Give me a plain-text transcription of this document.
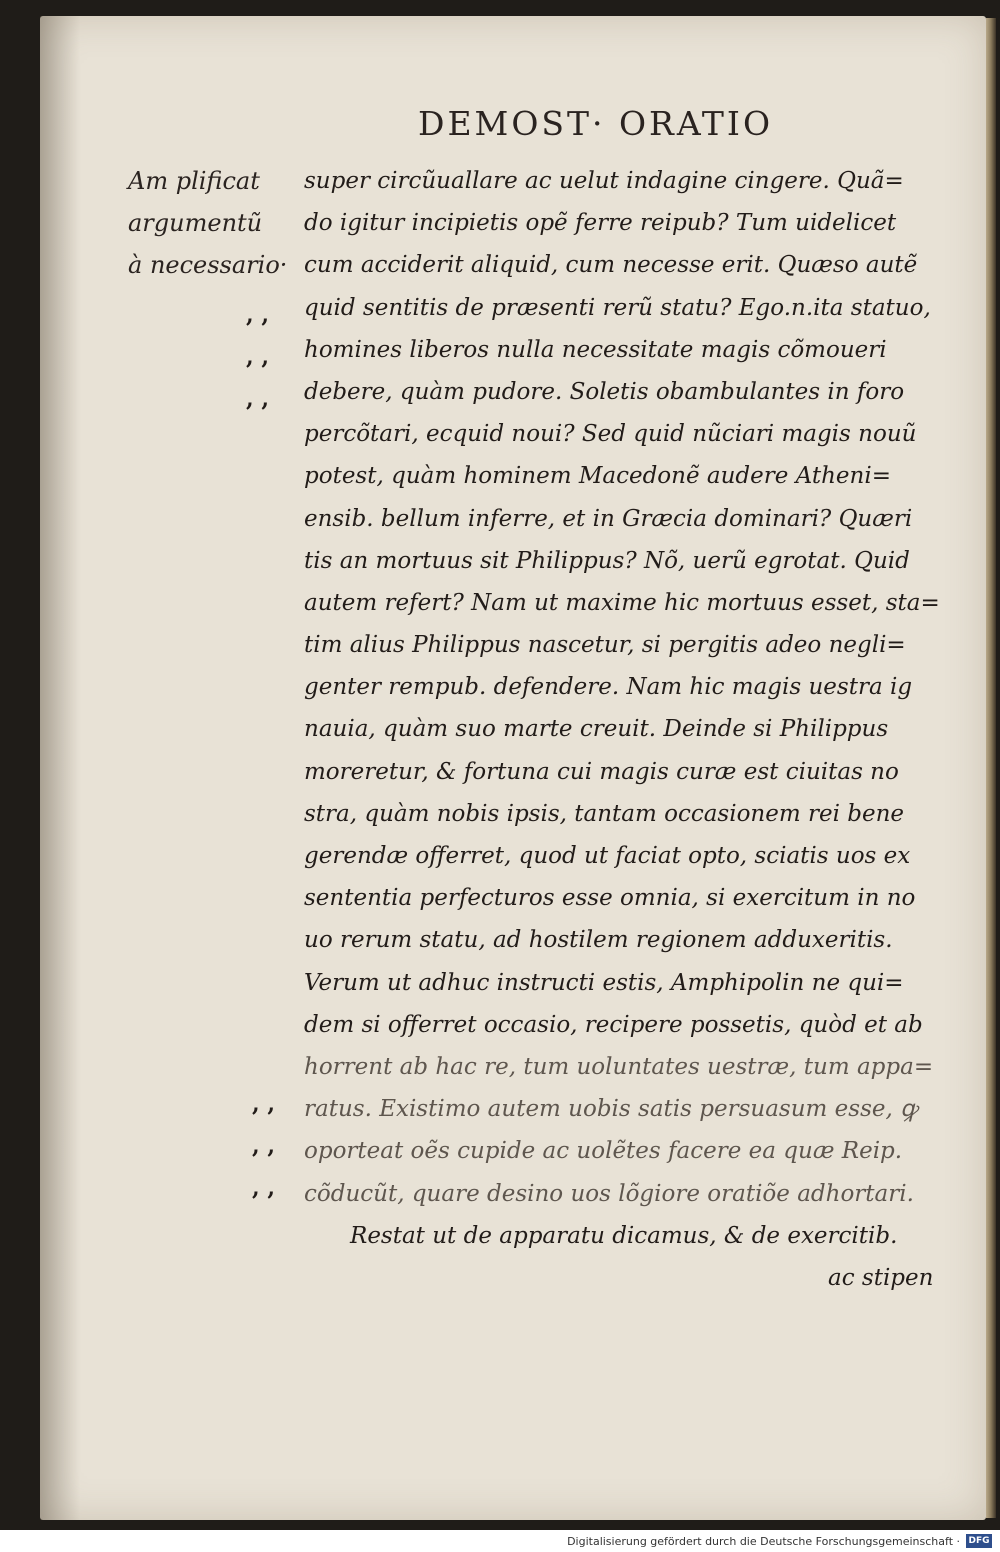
DEMOST· ORATIO
Am plificat
argumentũ
à necessario·
, ,
, ,
, ,
, ,
, ,
, ,
super circũuallare ac uelut indagine cingere. Quã=
do igitur incipietis opẽ ferre reipub? Tum uidelicet
cum acciderit aliquid, cum necesse erit. Quæso autẽ
quid sentitis de præsenti rerũ statu? Ego.n.ita statuo,
homines liberos nulla necessitate magis cõmoueri
debere, quàm pudore. Soletis obambulantes in foro
percõtari, ecquid noui? Sed quid nũciari magis nouũ
potest, quàm hominem Macedonẽ audere Atheni=
ensib. bellum inferre, et in Græcia dominari? Quæri
tis an mortuus sit Philippus? Nõ, uerũ egrotat. Quid
autem refert? Nam ut maxime hic mortuus esset, sta=
tim alius Philippus nascetur, si pergitis adeo negli=
genter rempub. defendere. Nam hic magis uestra ig
nauia, quàm suo marte creuit. Deinde si Philippus
moreretur, & fortuna cui magis curæ est ciuitas no
stra, quàm nobis ipsis, tantam occasionem rei bene
gerendæ offerret, quod ut faciat opto, sciatis uos ex
sententia perfecturos esse omnia, si exercitum in no
uo rerum statu, ad hostilem regionem adduxeritis.
Verum ut adhuc instructi estis, Amphipolin ne qui=
dem si offerret occasio, recipere possetis, quòd et ab
horrent ab hac re, tum uoluntates uestræ, tum appa=
ratus. Existimo autem uobis satis persuasum esse, ꝙ
oporteat oẽs cupide ac uolẽtes facere ea quæ Reip.
cõducũt, quare desino uos lõgiore oratiõe adhortari.
Restat ut de apparatu dicamus, & de exercitib.
ac stipen
Digitalisierung gefördert durch die Deutsche Forschungsgemeinschaft · DFG
